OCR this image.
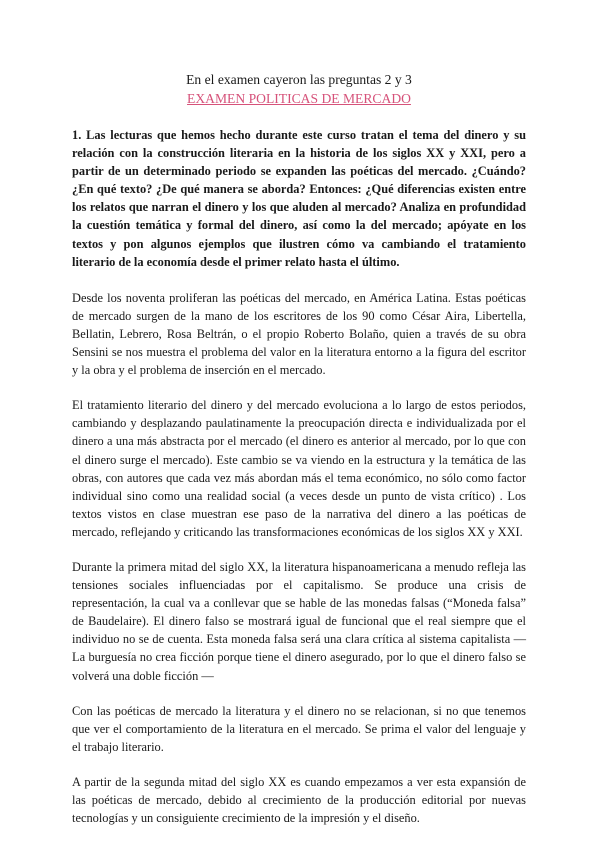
En el examen cayeron las preguntas 2 y 3
EXAMEN POLITICAS DE MERCADO
1. Las lecturas que hemos hecho durante este curso tratan el tema del dinero y su relación con la construcción literaria en la historia de los siglos XX y XXI, pero a partir de un determinado periodo se expanden las poéticas del mercado. ¿Cuándo? ¿En qué texto? ¿De qué manera se aborda? Entonces: ¿Qué diferencias existen entre los relatos que narran el dinero y los que aluden al mercado? Analiza en profundidad la cuestión temática y formal del dinero, así como la del mercado; apóyate en los textos y pon algunos ejemplos que ilustren cómo va cambiando el tratamiento literario de la economía desde el primer relato hasta el último.
Desde los noventa proliferan las poéticas del mercado, en América Latina. Estas poéticas de mercado surgen de la mano de los escritores de los 90 como César Aira, Libertella, Bellatin, Lebrero, Rosa Beltrán, o el propio Roberto Bolaño, quien a través de su obra Sensini se nos muestra el problema del valor en la literatura entorno a la figura del escritor y la obra y el problema de inserción en el mercado.
El tratamiento literario del dinero y del mercado evoluciona a lo largo de estos periodos, cambiando y desplazando paulatinamente la preocupación directa e individualizada por el dinero a una más abstracta por el mercado (el dinero es anterior al mercado, por lo que con el dinero surge el mercado). Este cambio se va viendo en la estructura y la temática de las obras, con autores que cada vez más abordan más el tema económico, no sólo como factor individual sino como una realidad social (a veces desde un punto de vista crítico) . Los textos vistos en clase muestran ese paso de la narrativa del dinero a las poéticas de mercado, reflejando y criticando las transformaciones económicas de los siglos XX y XXI.
Durante la primera mitad del siglo XX, la literatura hispanoamericana a menudo refleja las tensiones sociales influenciadas por el capitalismo. Se produce una crisis de representación, la cual va a conllevar que se hable de las monedas falsas (“Moneda falsa” de Baudelaire). El dinero falso se mostrará igual de funcional que el real siempre que el individuo no se de cuenta. Esta moneda falsa será una clara crítica al sistema capitalista — La burguesía no crea ficción porque tiene el dinero asegurado, por lo que el dinero falso se volverá una doble ficción —
Con las poéticas de mercado la literatura y el dinero no se relacionan, si no que tenemos que ver el comportamiento de la literatura en el mercado. Se prima el valor del lenguaje y el trabajo literario.
A partir de la segunda mitad del siglo XX es cuando empezamos a ver esta expansión de las poéticas de mercado, debido al crecimiento de la producción editorial por nuevas tecnologías y un consiguiente crecimiento de la impresión y el diseño.
